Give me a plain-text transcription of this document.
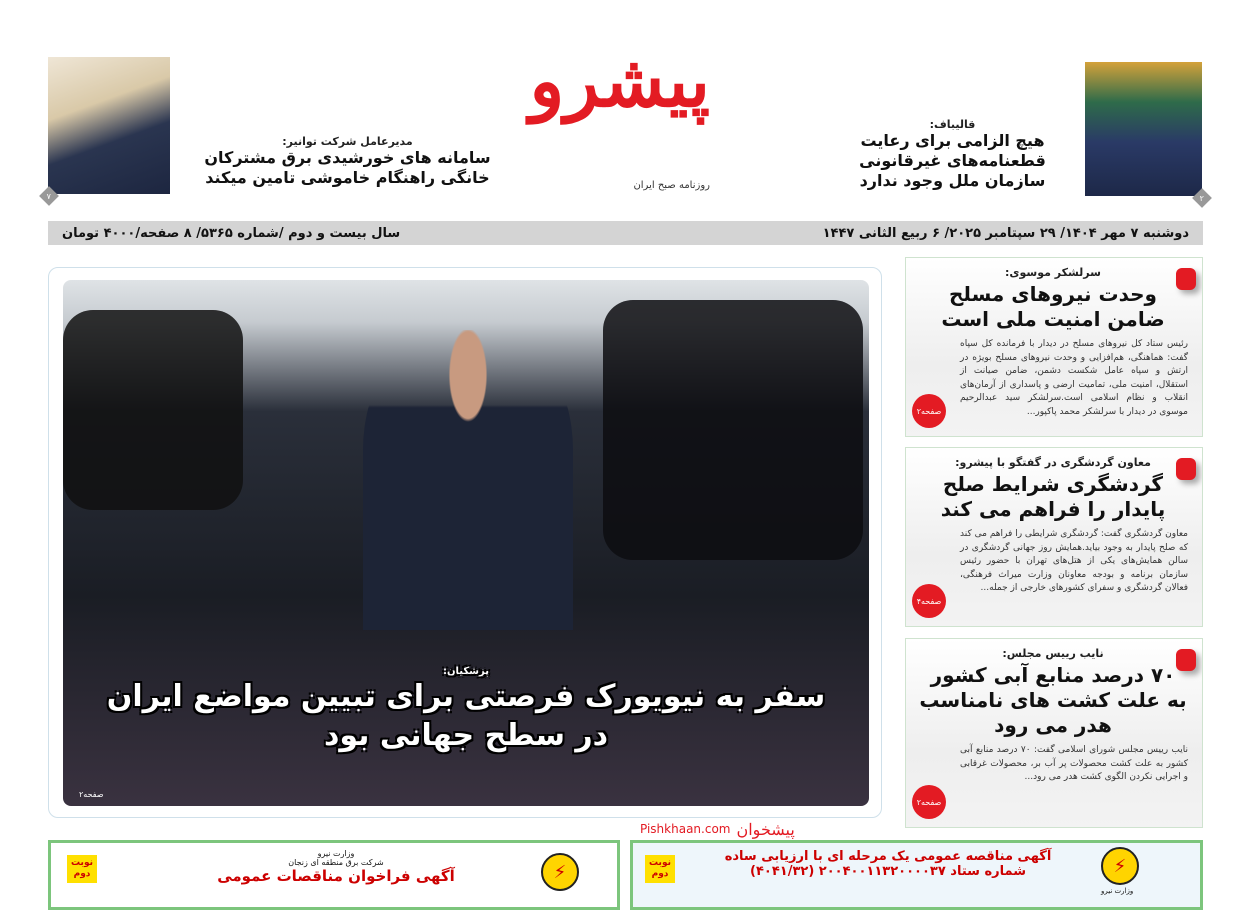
پیشرو
روزنامه صبح ایران
۲
قالیباف:
هیچ الزامی برای رعایت
قطعنامه‌های غیرقانونی
سازمان ملل وجود ندارد
۷
مدیرعامل شرکت توانیر:
سامانه های خورشیدی برق مشترکان
خانگی راهنگام خاموشی تامین میکند
سال بیست و دوم /شماره ۵۳۶۵/ ۸ صفحه/۴۰۰۰ تومان	دوشنبه ۷ مهر ۱۴۰۴/ ۲۹ سپتامبر ۲۰۲۵/ ۶ ربیع الثانی ۱۴۴۷
پزشکیان:
سفر به نیویورک فرصتی برای تبیین مواضع ایران
در سطح جهانی بود
صفحه۲
سرلشکر موسوی:
وحدت نیروهای مسلح ضامن امنیت ملی است
رئیس ستاد کل نیروهای مسلح در دیدار با فرمانده کل سپاه گفت: هماهنگی، هم‌افزایی و وحدت نیروهای مسلح بویژه در ارتش و سپاه عامل شکست دشمن، ضامن صیانت از استقلال، امنیت ملی، تمامیت ارضی و پاسداری از آرمان‌های انقلاب و نظام اسلامی است.سرلشکر سید عبدالرحیم موسوی در دیدار با سرلشکر محمد پاکپور...
صفحه۲
معاون گردشگری در گفتگو با پیشرو:
گردشگری شرایط صلح پایدار را فراهم می کند
معاون گردشگری گفت: گردشگری شرایطی را فراهم می کند که صلح پایدار به وجود بیاید.همایش روز جهانی گردشگری در سالن همایش‌های یکی از هتل‌های تهران با حضور رئیس سازمان برنامه و بودجه معاونان وزارت میراث فرهنگی، فعالان گردشگری و سفرای کشورهای خارجی از جمله...
صفحه۴
نایب رییس مجلس:
۷۰ درصد منابع آبی کشور به علت کشت های نامناسب هدر می رود
نایب رییس مجلس شورای اسلامی گفت: ۷۰ درصد منابع آبی کشور به علت کشت محصولات پر آب بر، محصولات غرقابی و اجرایی نکردن الگوی کشت هدر می رود...
صفحه۲
Pishkhaan.com پیشخوان
نوبت دوم	⚡
وزارت نیرو
شرکت برق منطقه ای زنجان
آگهی فراخوان مناقصات عمومی
نوبت دوم	⚡
وزارت نیرو
آگهی مناقصه عمومی یک مرحله ای با ارزیابی ساده
شماره ستاد ۲۰۰۴۰۰۱۱۳۲۰۰۰۰۳۷ (۴۰۴۱/۳۲)
